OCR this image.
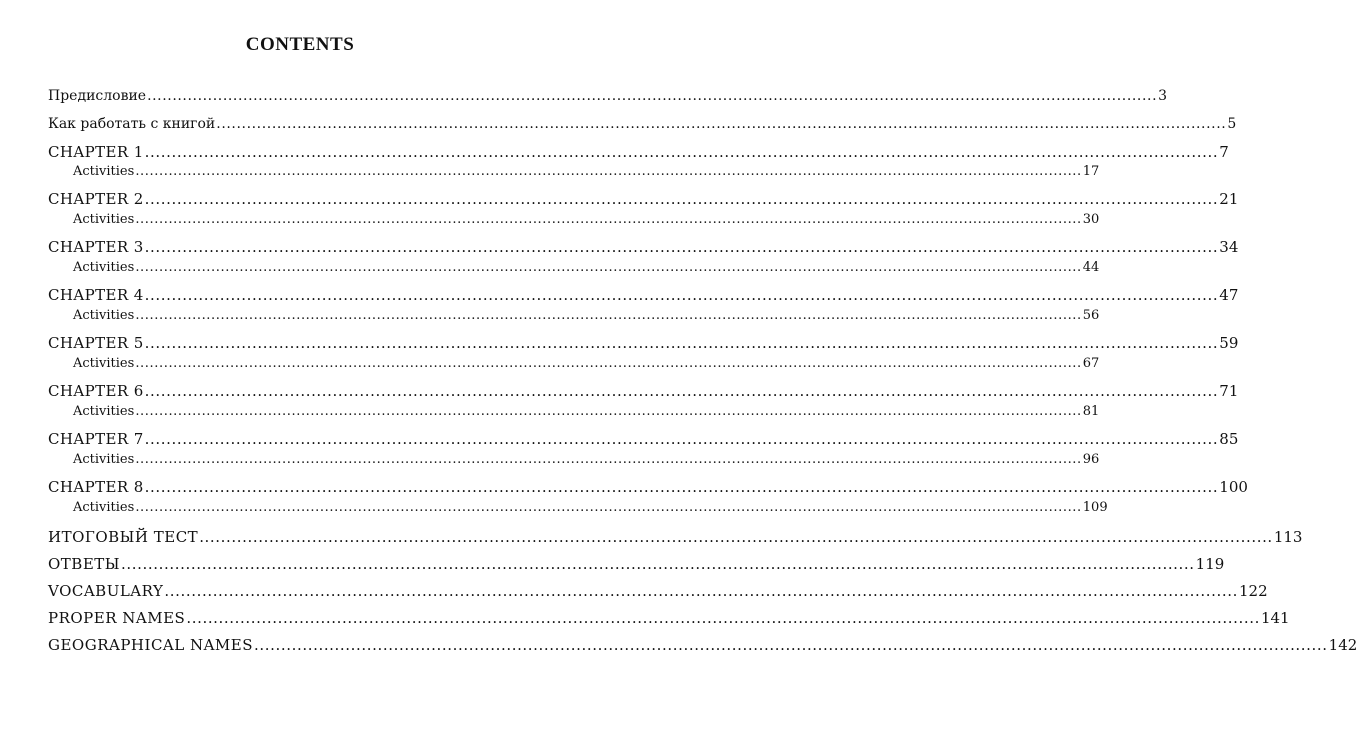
CONTENTS
Предисловие ........................................................................................................................................................................................................ 3
Как работать с книгой ........................................................................................................................................................................................................ 5
CHAPTER 1 ........................................................................................................................................................................................................ 7
Activities ........................................................................................................................................................................................................ 17
CHAPTER 2 ........................................................................................................................................................................................................ 21
Activities ........................................................................................................................................................................................................ 30
CHAPTER 3 ........................................................................................................................................................................................................ 34
Activities ........................................................................................................................................................................................................ 44
CHAPTER 4 ........................................................................................................................................................................................................ 47
Activities ........................................................................................................................................................................................................ 56
CHAPTER 5 ........................................................................................................................................................................................................ 59
Activities ........................................................................................................................................................................................................ 67
CHAPTER 6 ........................................................................................................................................................................................................ 71
Activities ........................................................................................................................................................................................................ 81
CHAPTER 7 ........................................................................................................................................................................................................ 85
Activities ........................................................................................................................................................................................................ 96
CHAPTER 8 ........................................................................................................................................................................................................ 100
Activities ........................................................................................................................................................................................................ 109
ИТОГОВЫЙ ТЕСТ ........................................................................................................................................................................................................ 113
ОТВЕТЫ ........................................................................................................................................................................................................ 119
VOCABULARY ........................................................................................................................................................................................................ 122
PROPER NAMES ........................................................................................................................................................................................................ 141
GEOGRAPHICAL NAMES ........................................................................................................................................................................................................ 142
